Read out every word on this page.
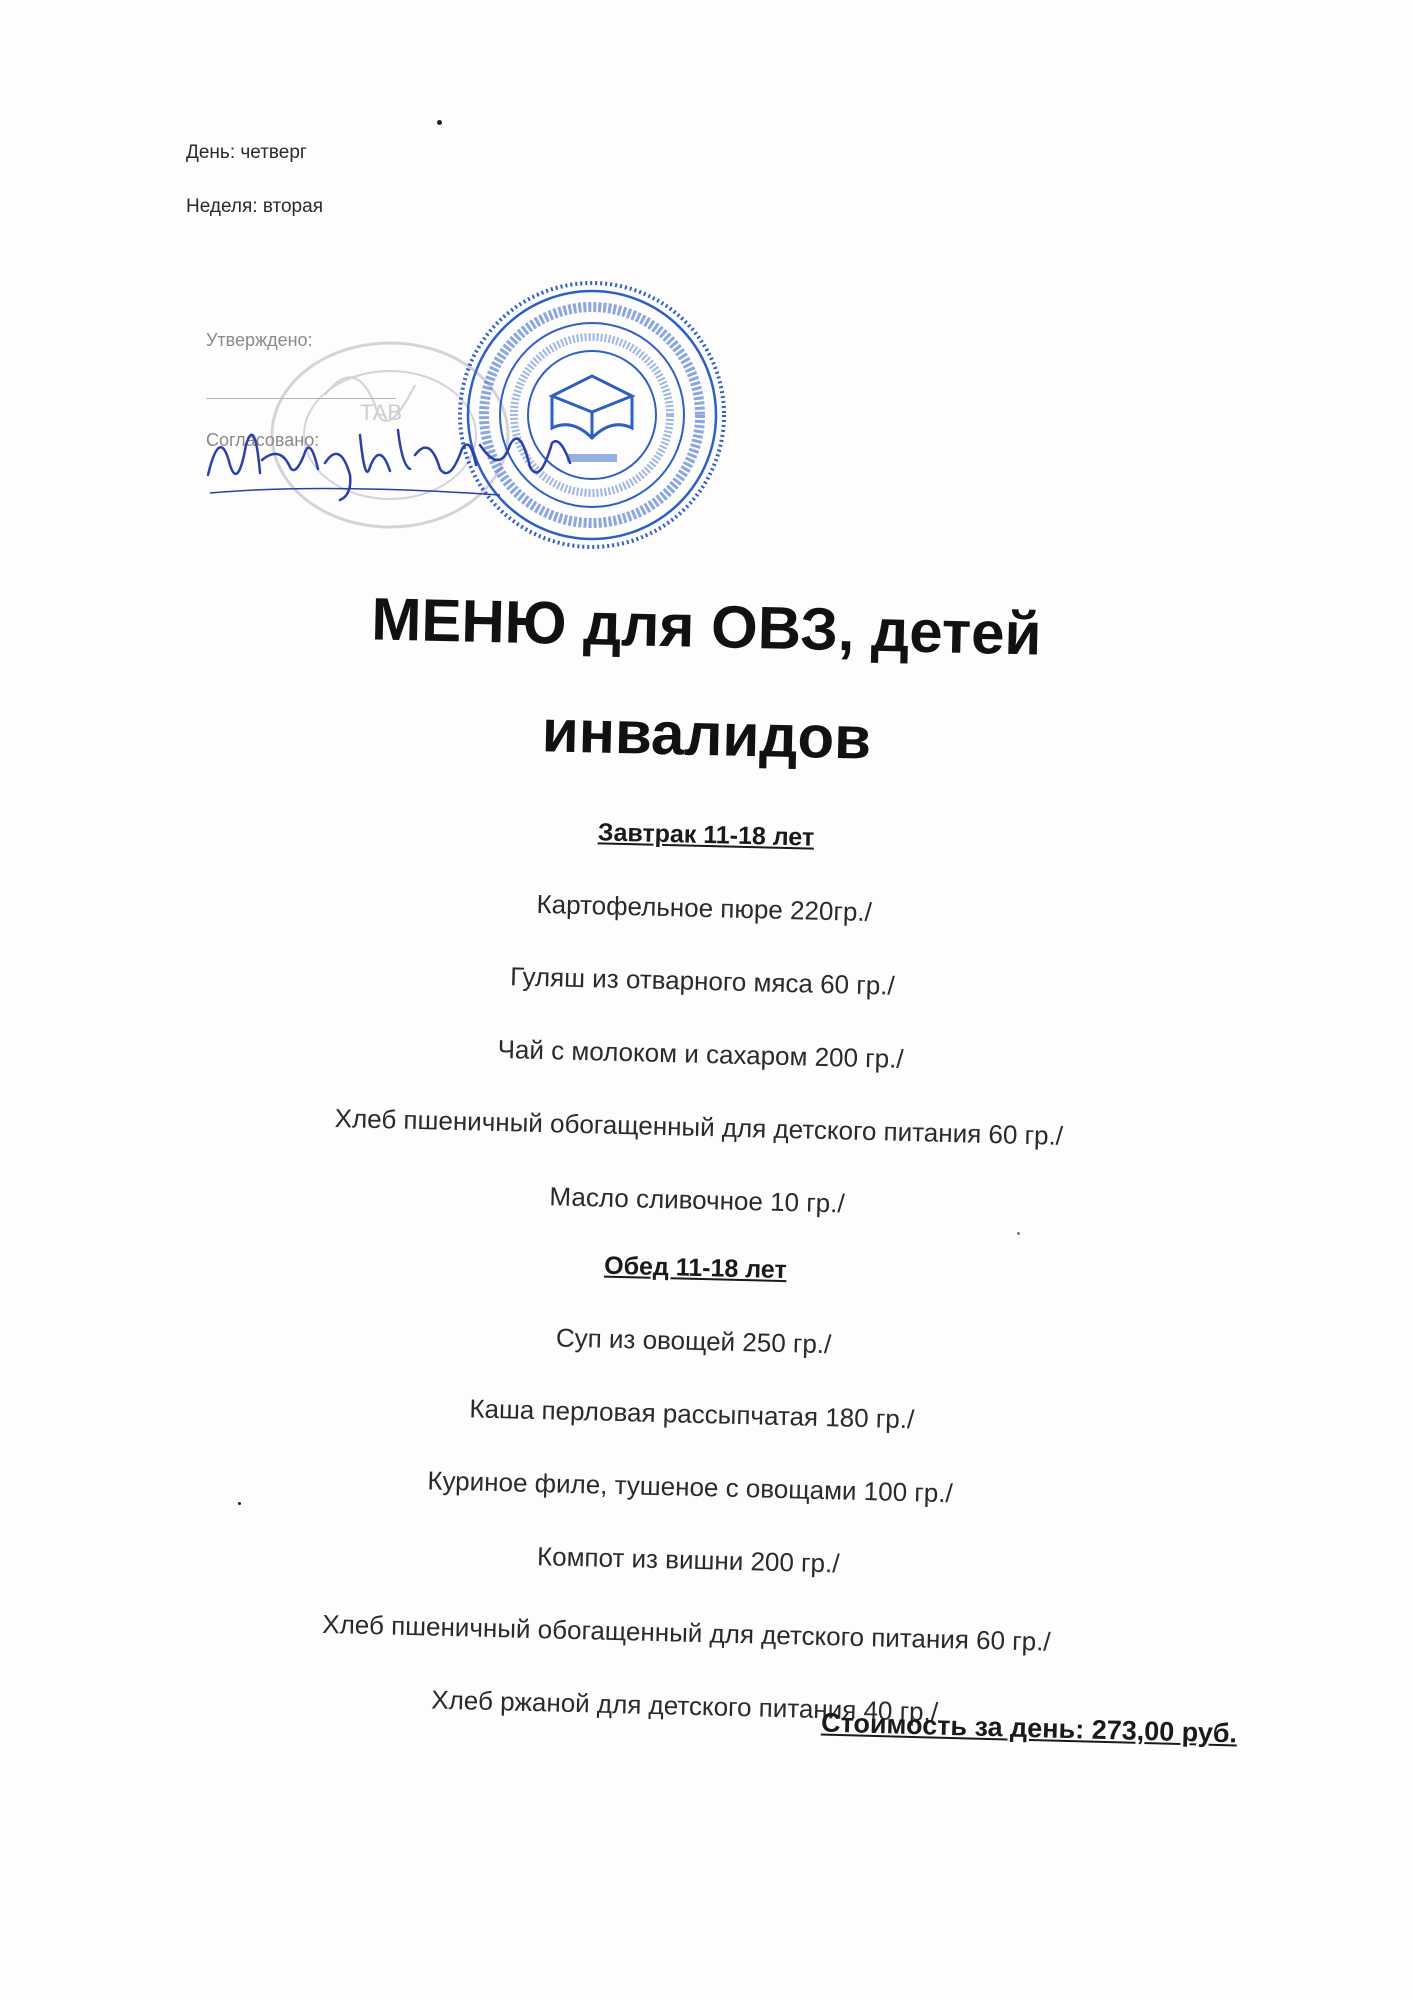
День: четверг
Неделя: вторая
ТАВ
Утверждено:
Согласовано:
МЕНЮ для ОВЗ, детей
инвалидов

Завтрак 11-18 лет

Картофельное пюре 220гр./

Гуляш из отварного мяса 60 гр./

Чай с молоком и сахаром 200 гр./

Хлеб пшеничный обогащенный для детского питания 60 гр./

Масло сливочное 10 гр./

Обед 11-18 лет

Суп из овощей 250 гр./

Каша перловая рассыпчатая 180 гр./

Куриное филе, тушеное с овощами 100 гр./

Компот из вишни 200 гр./

Хлеб пшеничный обогащенный для детского питания 60 гр./

Хлеб ржаной для детского питания 40 гр./

Стоимость за день: 273,00 руб.
